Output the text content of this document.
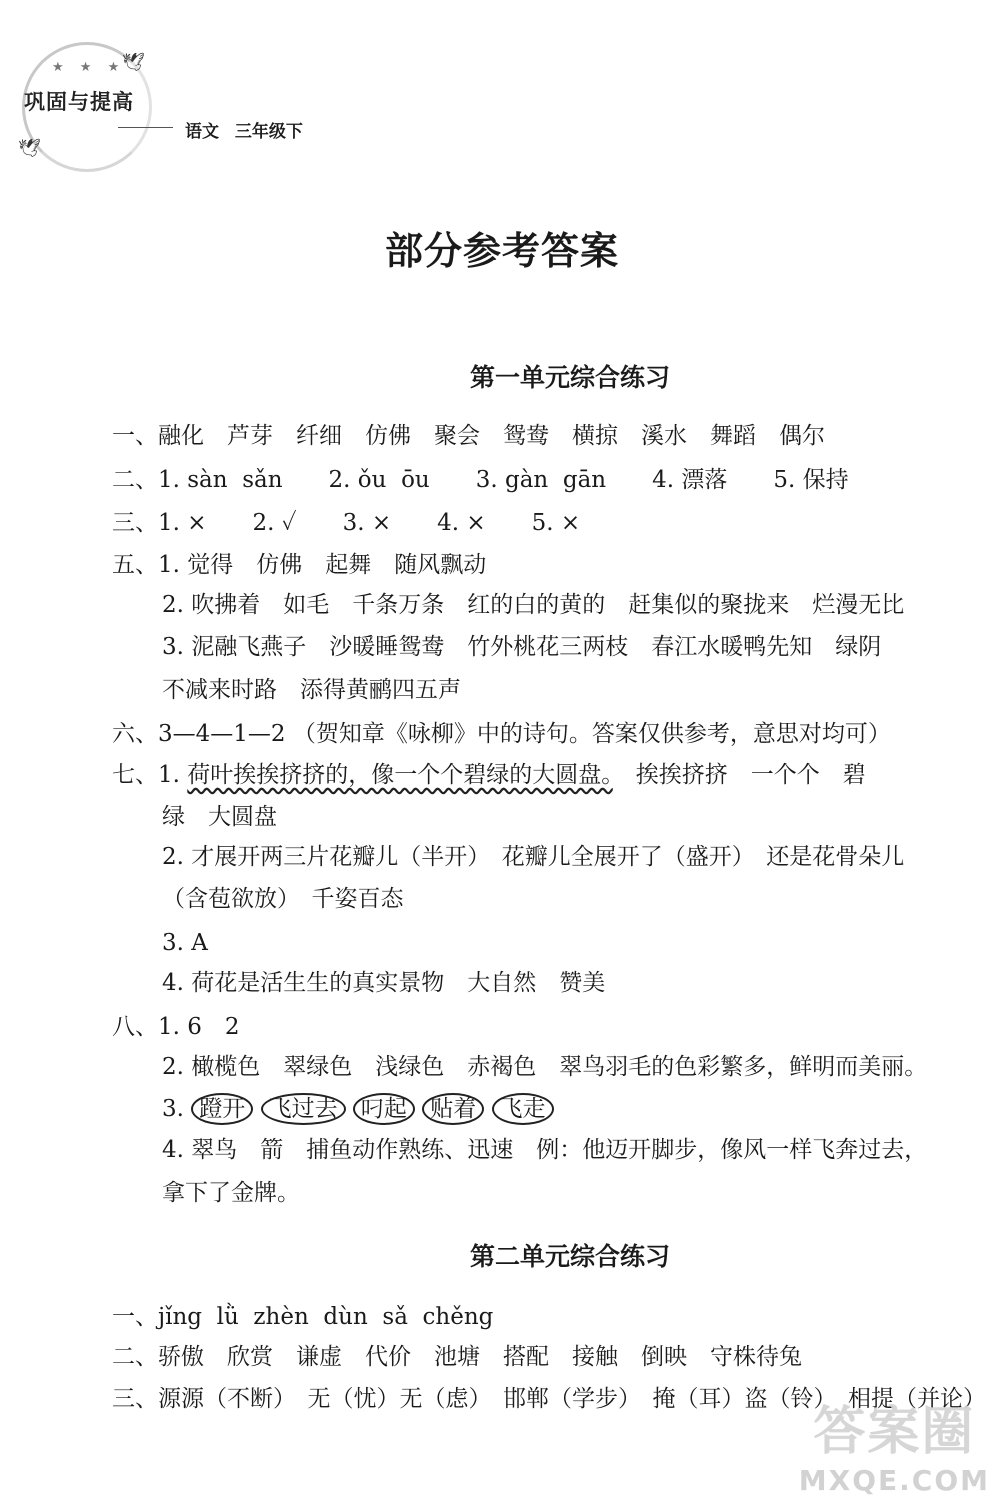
★ ★ ★
🕊
巩固与提高
🕊
语文 三年级下
部分参考答案
第一单元综合练习
一、融化　芦芽　纤细　仿佛　聚会　鸳鸯　横掠　溪水　舞蹈　偶尔
二、1. sàn  sǎn　　2. ǒu  ōu　　3. gàn  gān　　4. 漂落　　5. 保持
三、1. ×　　2. ✓　　3. ×　　4. ×　　5. ×
五、1. 觉得　仿佛　起舞　随风飘动
2. 吹拂着　如毛　千条万条　红的白的黄的　赶集似的聚拢来　烂漫无比
3. 泥融飞燕子　沙暖睡鸳鸯　竹外桃花三两枝　春江水暖鸭先知　绿阴
不减来时路　添得黄鹂四五声
六、3—4—1—2 （贺知章《咏柳》中的诗句。答案仅供参考，意思对均可）
七、1. 荷叶挨挨挤挤的，像一个个碧绿的大圆盘。　挨挨挤挤　一个个　碧
绿　大圆盘
2. 才展开两三片花瓣儿（半开）　花瓣儿全展开了（盛开）　还是花骨朵儿
（含苞欲放）　千姿百态
3. A
4. 荷花是活生生的真实景物　大自然　赞美
八、1. 6　2
2. 橄榄色　翠绿色　浅绿色　赤褐色　翠鸟羽毛的色彩繁多，鲜明而美丽。
3. 蹬开 飞过去 叼起 贴着 飞走
4. 翠鸟　箭　捕鱼动作熟练、迅速　例：他迈开脚步，像风一样飞奔过去，
拿下了金牌。
第二单元综合练习
一、jǐng  lǜ  zhèn  dùn  sǎ  chěng
二、骄傲　欣赏　谦虚　代价　池塘　搭配　接触　倒映　守株待兔
三、源源（不断）　无（忧）无（虑）　邯郸（学步）　掩（耳）盗（铃）　相提（并论）
答案圈
MXQE.COM
